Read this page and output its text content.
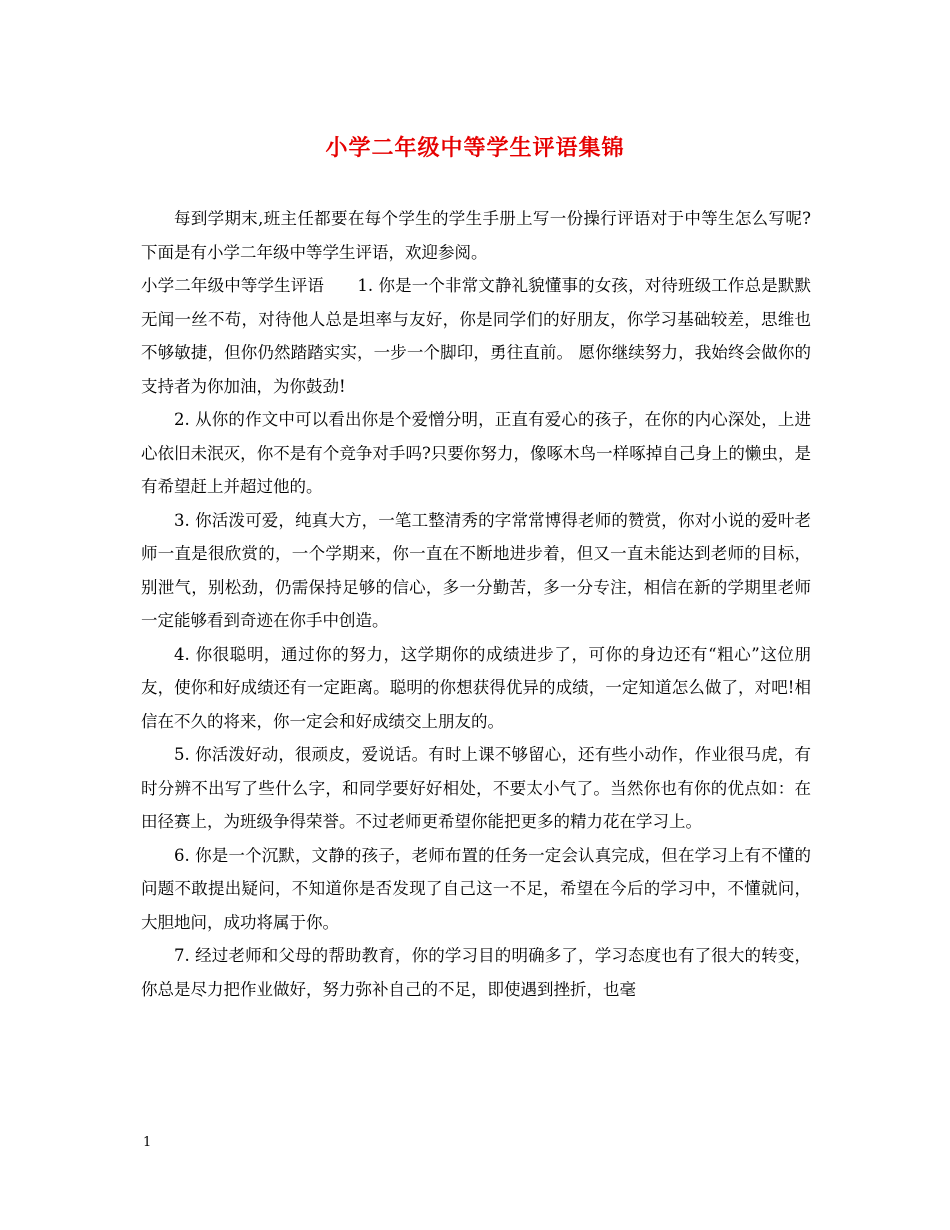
小学二年级中等学生评语集锦

每到学期末,班主任都要在每个学生的学生手册上写一份操行评语对于中等生怎么写呢?下面是有小学二年级中等学生评语，欢迎参阅。

小学二年级中等学生评语　　1. 你是一个非常文静礼貌懂事的女孩，对待班级工作总是默默无闻一丝不苟，对待他人总是坦率与友好，你是同学们的好朋友，你学习基础较差，思维也不够敏捷，但你仍然踏踏实实，一步一个脚印，勇往直前。 愿你继续努力，我始终会做你的支持者为你加油，为你鼓劲!

2. 从你的作文中可以看出你是个爱憎分明，正直有爱心的孩子，在你的内心深处，上进心依旧未泯灭，你不是有个竞争对手吗?只要你努力，像啄木鸟一样啄掉自己身上的懒虫，是有希望赶上并超过他的。

3. 你活泼可爱，纯真大方，一笔工整清秀的字常常博得老师的赞赏，你对小说的爱叶老师一直是很欣赏的，一个学期来，你一直在不断地进步着，但又一直未能达到老师的目标，别泄气，别松劲，仍需保持足够的信心，多一分勤苦，多一分专注，相信在新的学期里老师一定能够看到奇迹在你手中创造。

4. 你很聪明，通过你的努力，这学期你的成绩进步了，可你的身边还有“粗心”这位朋友，使你和好成绩还有一定距离。聪明的你想获得优异的成绩，一定知道怎么做了，对吧!相信在不久的将来，你一定会和好成绩交上朋友的。

5. 你活泼好动，很顽皮，爱说话。有时上课不够留心，还有些小动作，作业很马虎，有时分辨不出写了些什么字，和同学要好好相处，不要太小气了。当然你也有你的优点如：在田径赛上，为班级争得荣誉。不过老师更希望你能把更多的精力花在学习上。

6. 你是一个沉默，文静的孩子，老师布置的任务一定会认真完成，但在学习上有不懂的问题不敢提出疑问，不知道你是否发现了自己这一不足，希望在今后的学习中，不懂就问，大胆地问，成功将属于你。

7. 经过老师和父母的帮助教育，你的学习目的明确多了，学习态度也有了很大的转变，你总是尽力把作业做好，努力弥补自己的不足，即使遇到挫折，也毫

1
